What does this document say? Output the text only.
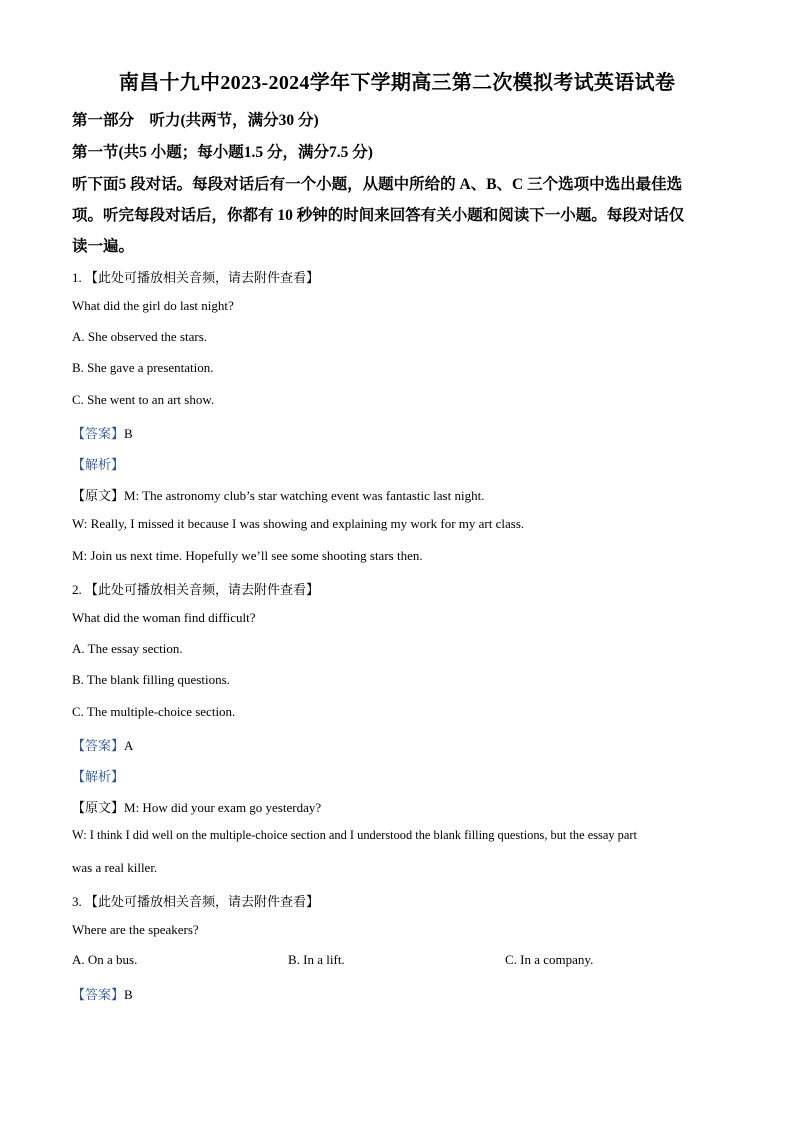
南昌十九中2023-2024学年下学期高三第二次模拟考试英语试卷
第一部分　听力(共两节，满分30 分)
第一节(共5 小题；每小题1.5 分，满分7.5 分)
听下面5 段对话。每段对话后有一个小题，从题中所给的 A、B、C 三个选项中选出最佳选
项。听完每段对话后，你都有 10 秒钟的时间来回答有关小题和阅读下一小题。每段对话仅
读一遍。
1. 【此处可播放相关音频，请去附件查看】
What did the girl do last night?
A. She observed the stars.
B. She gave a presentation.
C. She went to an art show.
【答案】B
【解析】
【原文】M: The astronomy club’s star watching event was fantastic last night.
W: Really, I missed it because I was showing and explaining my work for my art class.
M: Join us next time. Hopefully we’ll see some shooting stars then.
2. 【此处可播放相关音频，请去附件查看】
What did the woman find difficult?
A. The essay section.
B. The blank filling questions.
C. The multiple-choice section.
【答案】A
【解析】
【原文】M: How did your exam go yesterday?
W: I think I did well on the multiple-choice section and I understood the blank filling questions, but the essay part
was a real killer.
3. 【此处可播放相关音频，请去附件查看】
Where are the speakers?
A. On a bus.	B. In a lift.	C. In a company.
【答案】B
